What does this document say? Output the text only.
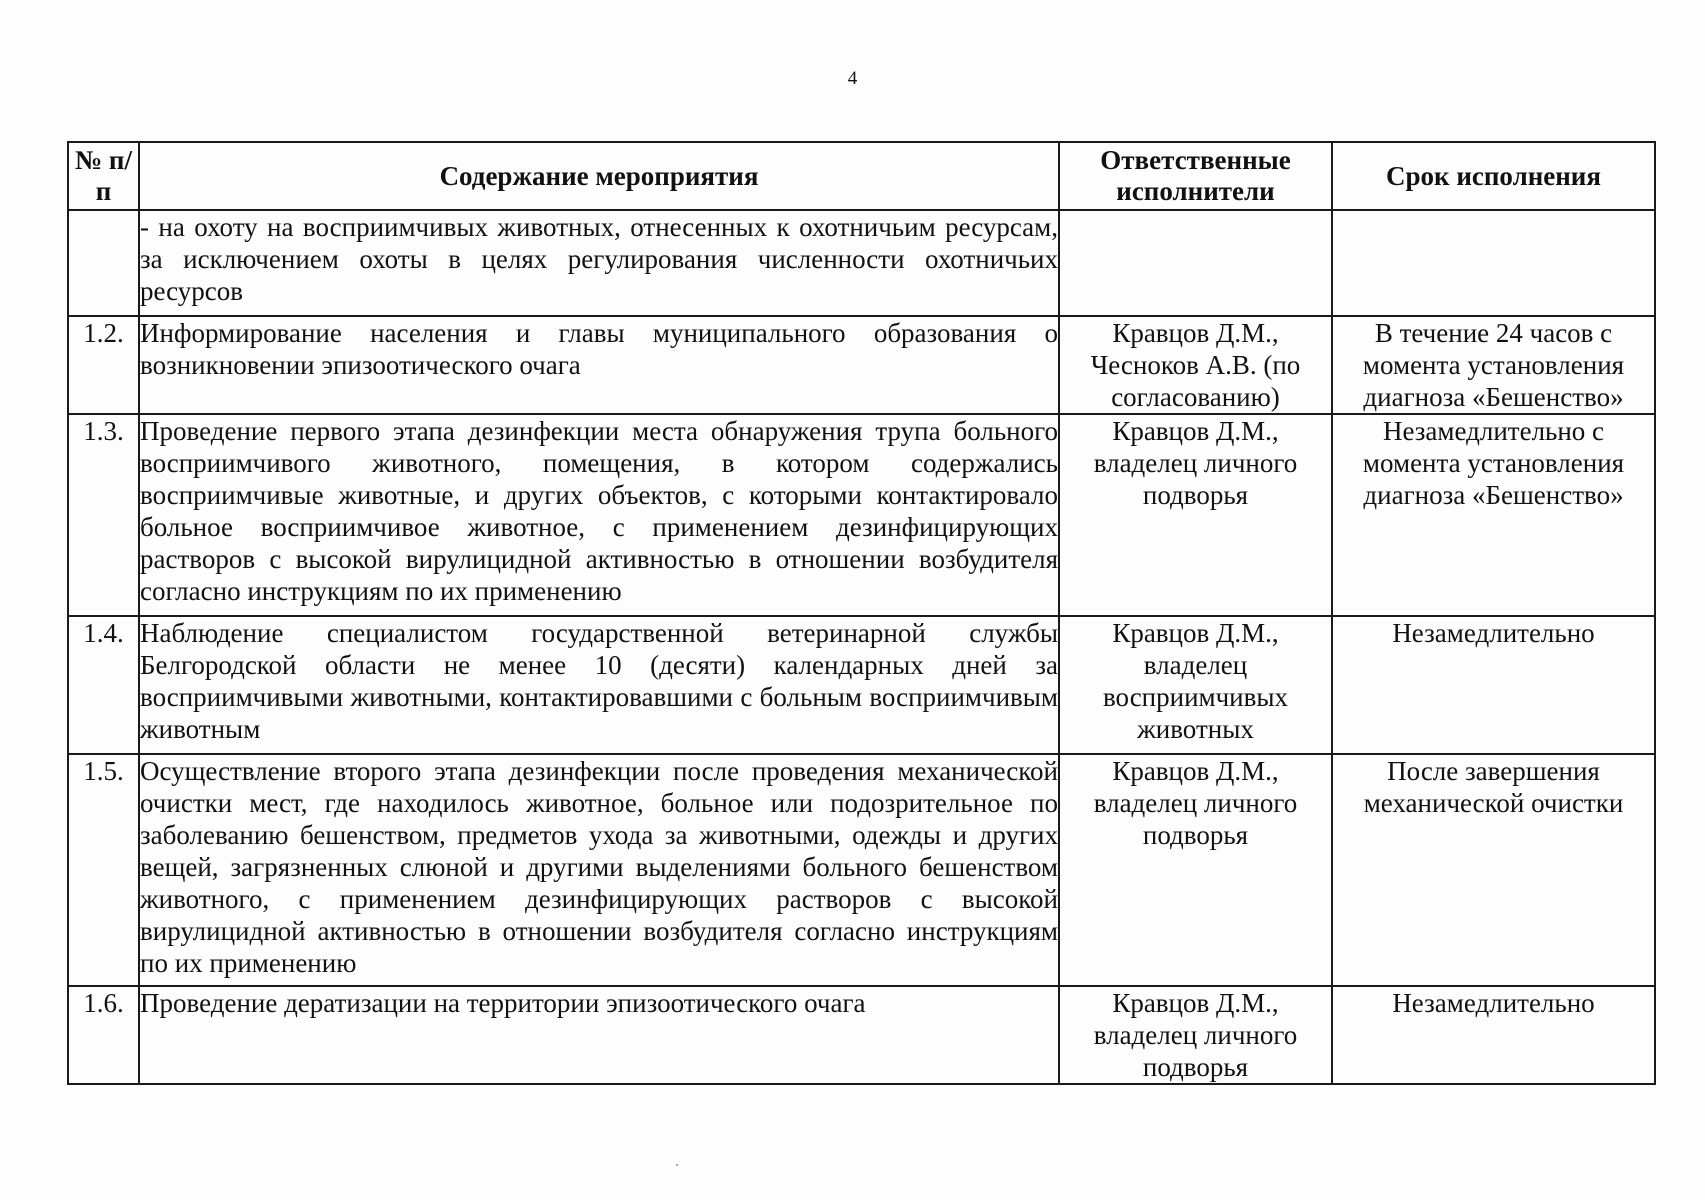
4
№ п/п	Содержание мероприятия	Ответственные исполнители	Срок исполнения
	- на охоту на восприимчивых животных, отнесенных к охотничьим ресурсам, за исключением охоты в целях регулирования численности охотничьих ресурсов		
1.2.	Информирование населения и главы муниципального образования о возникновении эпизоотического очага	Кравцов Д.М., Чесноков А.В. (по согласованию)	В течение 24 часов с момента установления диагноза «Бешенство»
1.3.	Проведение первого этапа дезинфекции места обнаружения трупа больного восприимчивого животного, помещения, в котором содержались восприимчивые животные, и других объектов, с которыми контактировало больное восприимчивое животное, с применением дезинфицирующих растворов с высокой вирулицидной активностью в отношении возбудителя согласно инструкциям по их применению	Кравцов Д.М., владелец личного подворья	Незамедлительно с момента установления диагноза «Бешенство»
1.4.	Наблюдение специалистом государственной ветеринарной службы Белгородской области не менее 10 (десяти) календарных дней за восприимчивыми животными, контактировавшими с больным восприимчивым животным	Кравцов Д.М., владелец восприимчивых животных	Незамедлительно
1.5.	Осуществление второго этапа дезинфекции после проведения механической очистки мест, где находилось животное, больное или подозрительное по заболеванию бешенством, предметов ухода за животными, одежды и других вещей, загрязненных слюной и другими выделениями больного бешенством животного, с применением дезинфицирующих растворов с высокой вирулицидной активностью в отношении возбудителя согласно инструкциям по их применению	Кравцов Д.М., владелец личного подворья	После завершения механической очистки
1.6.	Проведение дератизации на территории эпизоотического очага	Кравцов Д.М., владелец личного подворья	Незамедлительно
